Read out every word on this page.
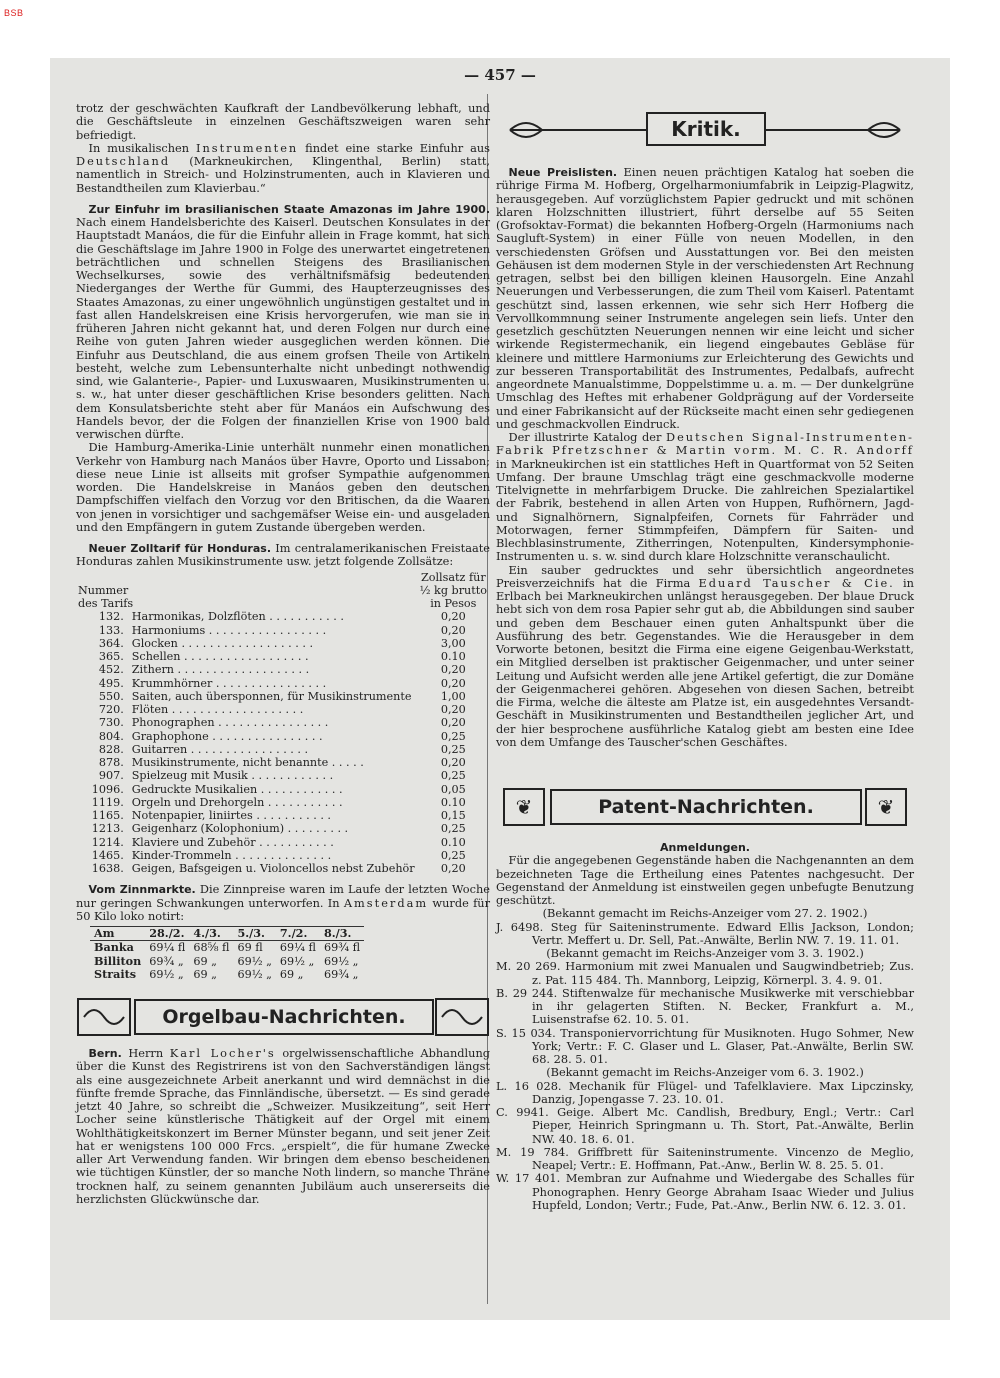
BSB
— 457 —

trotz der geschwächten Kaufkraft der Landbevölkerung lebhaft, und die Geschäftsleute in einzelnen Geschäftszweigen waren sehr befriedigt.

In musikalischen Instrumenten findet eine starke Einfuhr aus Deutschland (Markneukirchen, Klingenthal, Berlin) statt, namentlich in Streich- und Holzinstrumenten, auch in Klavieren und Bestandtheilen zum Klavierbau.“

Zur Einfuhr im brasilianischen Staate Amazonas im Jahre 1900. Nach einem Handelsberichte des Kaiserl. Deutschen Konsulates in der Hauptstadt Manáos, die für die Einfuhr allein in Frage kommt, hat sich die Geschäftslage im Jahre 1900 in Folge des unerwartet eingetretenen beträchtlichen und schnellen Steigens des Brasilianischen Wechselkurses, sowie des verhältnifsmäfsig bedeutenden Niederganges der Werthe für Gummi, des Haupterzeugnisses des Staates Amazonas, zu einer ungewöhnlich ungünstigen gestaltet und in fast allen Handelskreisen eine Krisis hervorgerufen, wie man sie in früheren Jahren nicht gekannt hat, und deren Folgen nur durch eine Reihe von guten Jahren wieder ausgeglichen werden können. Die Einfuhr aus Deutschland, die aus einem grofsen Theile von Artikeln besteht, welche zum Lebensunterhalte nicht unbedingt nothwendig sind, wie Galanterie-, Papier- und Luxuswaaren, Musikinstrumenten u. s. w., hat unter dieser geschäftlichen Krise besonders gelitten. Nach dem Konsulatsberichte steht aber für Manáos ein Aufschwung des Handels bevor, der die Folgen der finanziellen Krise von 1900 bald verwischen dürfte.

Die Hamburg-Amerika-Linie unterhält nunmehr einen monatlichen Verkehr von Hamburg nach Manáos über Havre, Oporto und Lissabon; diese neue Linie ist allseits mit grofser Sympathie aufgenommen worden. Die Handelskreise in Manáos geben den deutschen Dampfschiffen vielfach den Vorzug vor den Britischen, da die Waaren von jenen in vorsichtiger und sachgemäfser Weise ein- und ausgeladen und den Empfängern in gutem Zustande übergeben werden.

Neuer Zolltarif für Honduras. Im centralamerikanischen Freistaate Honduras zahlen Musikinstrumente usw. jetzt folgende Zollsätze:

		Zollsatz für
Nummer		½ kg brutto
des Tarifs		in Pesos
132.	Harmonikas, Dolzflöten . . . . . . . . . . .	0,20
133.	Harmoniums . . . . . . . . . . . . . . . . .	0,20
364.	Glocken . . . . . . . . . . . . . . . . . . .	3,00
365.	Schellen . . . . . . . . . . . . . . . . . .	0.10
452.	Zithern . . . . . . . . . . . . . . . . . . .	0,20
495.	Krummhörner . . . . . . . . . . . . . . . .	0,20
550.	Saiten, auch übersponnen, für Musikinstrumente	1,00
720.	Flöten . . . . . . . . . . . . . . . . . . .	0,20
730.	Phonographen . . . . . . . . . . . . . . . .	0,20
804.	Graphophone . . . . . . . . . . . . . . . .	0,25
828.	Guitarren . . . . . . . . . . . . . . . . .	0,25
878.	Musikinstrumente, nicht benannte . . . . .	0,20
907.	Spielzeug mit Musik . . . . . . . . . . . .	0,25
1096.	Gedruckte Musikalien . . . . . . . . . . . .	0,05
1119.	Orgeln und Drehorgeln . . . . . . . . . . .	0.10
1165.	Notenpapier, liniirtes . . . . . . . . . . .	0,15
1213.	Geigenharz (Kolophonium) . . . . . . . . .	0,25
1214.	Klaviere und Zubehör . . . . . . . . . . .	0.10
1465.	Kinder-Trommeln . . . . . . . . . . . . . .	0,25
1638.	Geigen, Bafsgeigen u. Violoncellos nebst Zubehör	0,20

Vom Zinnmarkte. Die Zinnpreise waren im Laufe der letzten Woche nur geringen Schwankungen unterworfen. In Amsterdam wurde für 50 Kilo loko notirt:

Am	28./2.	4./3.	5./3.	7./2.	8./3.
Banka	69¼ fl	68⅝ fl	69 fl	69¼ fl	69¾ fl
Billiton	69¾ „	69 „	69½ „	69½ „	69½ „
Straits	69½ „	69 „	69½ „	69 „	69¾ „
Orgelbau-Nachrichten.

Bern. Herrn Karl Locher's orgelwissenschaftliche Abhandlung über die Kunst des Registrirens ist von den Sachverständigen längst als eine ausgezeichnete Arbeit anerkannt und wird demnächst in die fünfte fremde Sprache, das Finnländische, übersetzt. — Es sind gerade jetzt 40 Jahre, so schreibt die „Schweizer. Musikzeitung“, seit Herr Locher seine künstlerische Thätigkeit auf der Orgel mit einem Wohlthätigkeitskonzert im Berner Münster begann, und seit jener Zeit hat er wenigstens 100 000 Frcs. „erspielt“, die für humane Zwecke aller Art Verwendung fanden. Wir bringen dem ebenso bescheidenen wie tüchtigen Künstler, der so manche Noth lindern, so manche Thräne trocknen half, zu seinem genannten Jubiläum auch unsererseits die herzlichsten Glückwünsche dar.

Kritik.

Neue Preislisten. Einen neuen prächtigen Katalog hat soeben die rührige Firma M. Hofberg, Orgelharmoniumfabrik in Leipzig-Plagwitz, herausgegeben. Auf vorzüglichstem Papier gedruckt und mit schönen klaren Holzschnitten illustriert, führt derselbe auf 55 Seiten (Grofsoktav-Format) die bekannten Hofberg-Orgeln (Harmoniums nach Saugluft-System) in einer Fülle von neuen Modellen, in den verschiedensten Gröfsen und Ausstattungen vor. Bei den meisten Gehäusen ist dem modernen Style in der verschiedensten Art Rechnung getragen, selbst bei den billigen kleinen Hausorgeln. Eine Anzahl Neuerungen und Verbesserungen, die zum Theil vom Kaiserl. Patentamt geschützt sind, lassen erkennen, wie sehr sich Herr Hofberg die Vervollkommnung seiner Instrumente angelegen sein liefs. Unter den gesetzlich geschützten Neuerungen nennen wir eine leicht und sicher wirkende Registermechanik, ein liegend eingebautes Gebläse für kleinere und mittlere Harmoniums zur Erleichterung des Gewichts und zur besseren Transportabilität des Instrumentes, Pedalbafs, aufrecht angeordnete Manualstimme, Doppelstimme u. a. m. — Der dunkelgrüne Umschlag des Heftes mit erhabener Goldprägung auf der Vorderseite und einer Fabrikansicht auf der Rückseite macht einen sehr gediegenen und geschmackvollen Eindruck.

Der illustrirte Katalog der Deutschen Signal-Instrumenten-Fabrik Pfretzschner & Martin vorm. M. C. R. Andorff in Markneukirchen ist ein stattliches Heft in Quartformat von 52 Seiten Umfang. Der braune Umschlag trägt eine geschmackvolle moderne Titelvignette in mehrfarbigem Drucke. Die zahlreichen Spezialartikel der Fabrik, bestehend in allen Arten von Huppen, Rufhörnern, Jagd- und Signalhörnern, Signalpfeifen, Cornets für Fahrräder und Motorwagen, ferner Stimmpfeifen, Dämpfern für Saiten- und Blechblasinstrumente, Zitherringen, Notenpulten, Kindersymphonie-Instrumenten u. s. w. sind durch klare Holzschnitte veranschaulicht.

Ein sauber gedrucktes und sehr übersichtlich angeordnetes Preisverzeichnifs hat die Firma Eduard Tauscher & Cie. in Erlbach bei Markneukirchen unlängst herausgegeben. Der blaue Druck hebt sich von dem rosa Papier sehr gut ab, die Abbildungen sind sauber und geben dem Beschauer einen guten Anhaltspunkt über die Ausführung des betr. Gegenstandes. Wie die Herausgeber in dem Vorworte betonen, besitzt die Firma eine eigene Geigenbau-Werkstatt, ein Mitglied derselben ist praktischer Geigenmacher, und unter seiner Leitung und Aufsicht werden alle jene Artikel gefertigt, die zur Domäne der Geigenmacherei gehören. Abgesehen von diesen Sachen, betreibt die Firma, welche die älteste am Platze ist, ein ausgedehntes Versandt-Geschäft in Musikinstrumenten und Bestandtheilen jeglicher Art, und der hier besprochene ausführliche Katalog giebt am besten eine Idee von dem Umfange des Tauscher'schen Geschäftes.

❦	❦
Patent-Nachrichten.

Anmeldungen.

Für die angegebenen Gegenstände haben die Nachgenannten an dem bezeichneten Tage die Ertheilung eines Patentes nachgesucht. Der Gegenstand der Anmeldung ist einstweilen gegen unbefugte Benutzung geschützt.

(Bekannt gemacht im Reichs-Anzeiger vom 27. 2. 1902.)

J. 6498. Steg für Saiteninstrumente. Edward Ellis Jackson, London; Vertr. Meffert u. Dr. Sell, Pat.-Anwälte, Berlin NW. 7. 19. 11. 01.

(Bekannt gemacht im Reichs-Anzeiger vom 3. 3. 1902.)

M. 20 269. Harmonium mit zwei Manualen und Saugwindbetrieb; Zus. z. Pat. 115 484. Th. Mannborg, Leipzig, Körnerpl. 3. 4. 9. 01.

B. 29 244. Stiftenwalze für mechanische Musikwerke mit verschiebbar in ihr gelagerten Stiften. N. Becker, Frankfurt a. M., Luisenstrafse 62. 10. 5. 01.

S. 15 034. Transponiervorrichtung für Musiknoten. Hugo Sohmer, New York; Vertr.: F. C. Glaser und L. Glaser, Pat.-Anwälte, Berlin SW. 68. 28. 5. 01.

(Bekannt gemacht im Reichs-Anzeiger vom 6. 3. 1902.)

L. 16 028. Mechanik für Flügel- und Tafelklaviere. Max Lipczinsky, Danzig, Jopengasse 7. 23. 10. 01.

C. 9941. Geige. Albert Mc. Candlish, Bredbury, Engl.; Vertr.: Carl Pieper, Heinrich Springmann u. Th. Stort, Pat.-Anwälte, Berlin NW. 40. 18. 6. 01.

M. 19 784. Griffbrett für Saiteninstrumente. Vincenzo de Meglio, Neapel; Vertr.: E. Hoffmann, Pat.-Anw., Berlin W. 8. 25. 5. 01.

W. 17 401. Membran zur Aufnahme und Wiedergabe des Schalles für Phonographen. Henry George Abraham Isaac Wieder und Julius Hupfeld, London; Vertr.; Fude, Pat.-Anw., Berlin NW. 6. 12. 3. 01.
